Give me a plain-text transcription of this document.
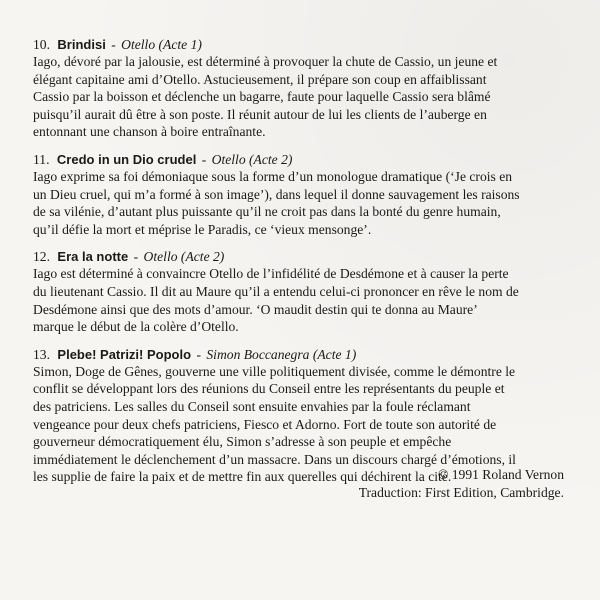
10. Brindisi - Otello (Acte 1)

Iago, dévoré par la jalousie, est déterminé à provoquer la chute de Cassio, un jeune et
élégant capitaine ami d’Otello. Astucieusement, il prépare son coup en affaiblissant
Cassio par la boisson et déclenche un bagarre, faute pour laquelle Cassio sera blâmé
puisqu’il aurait dû être à son poste. Il réunit autour de lui les clients de l’auberge en
entonnant une chanson à boire entraînante.

11. Credo in un Dio crudel - Otello (Acte 2)

Iago exprime sa foi démoniaque sous la forme d’un monologue dramatique (‘Je crois en
un Dieu cruel, qui m’a formé à son image’), dans lequel il donne sauvagement les raisons
de sa vilénie, d’autant plus puissante qu’il ne croit pas dans la bonté du genre humain,
qu’il défie la mort et méprise le Paradis, ce ‘vieux mensonge’.

12. Era la notte - Otello (Acte 2)

Iago est déterminé à convaincre Otello de l’infidélité de Desdémone et à causer la perte
du lieutenant Cassio. Il dit au Maure qu’il a entendu celui-ci prononcer en rêve le nom de
Desdémone ainsi que des mots d’amour. ‘O maudit destin qui te donna au Maure’
marque le début de la colère d’Otello.

13. Plebe! Patrizi! Popolo - Simon Boccanegra (Acte 1)

Simon, Doge de Gênes, gouverne une ville politiquement divisée, comme le démontre le
conflit se développant lors des réunions du Conseil entre les représentants du peuple et
des patriciens. Les salles du Conseil sont ensuite envahies par la foule réclamant
vengeance pour deux chefs patriciens, Fiesco et Adorno. Fort de toute son autorité de
gouverneur démocratiquement élu, Simon s’adresse à son peuple et empêche
immédiatement le déclenchement d’un massacre. Dans un discours chargé d’émotions, il
les supplie de faire la paix et de mettre fin aux querelles qui déchirent la cité.

© 1991 Roland Vernon
Traduction: First Edition, Cambridge.
